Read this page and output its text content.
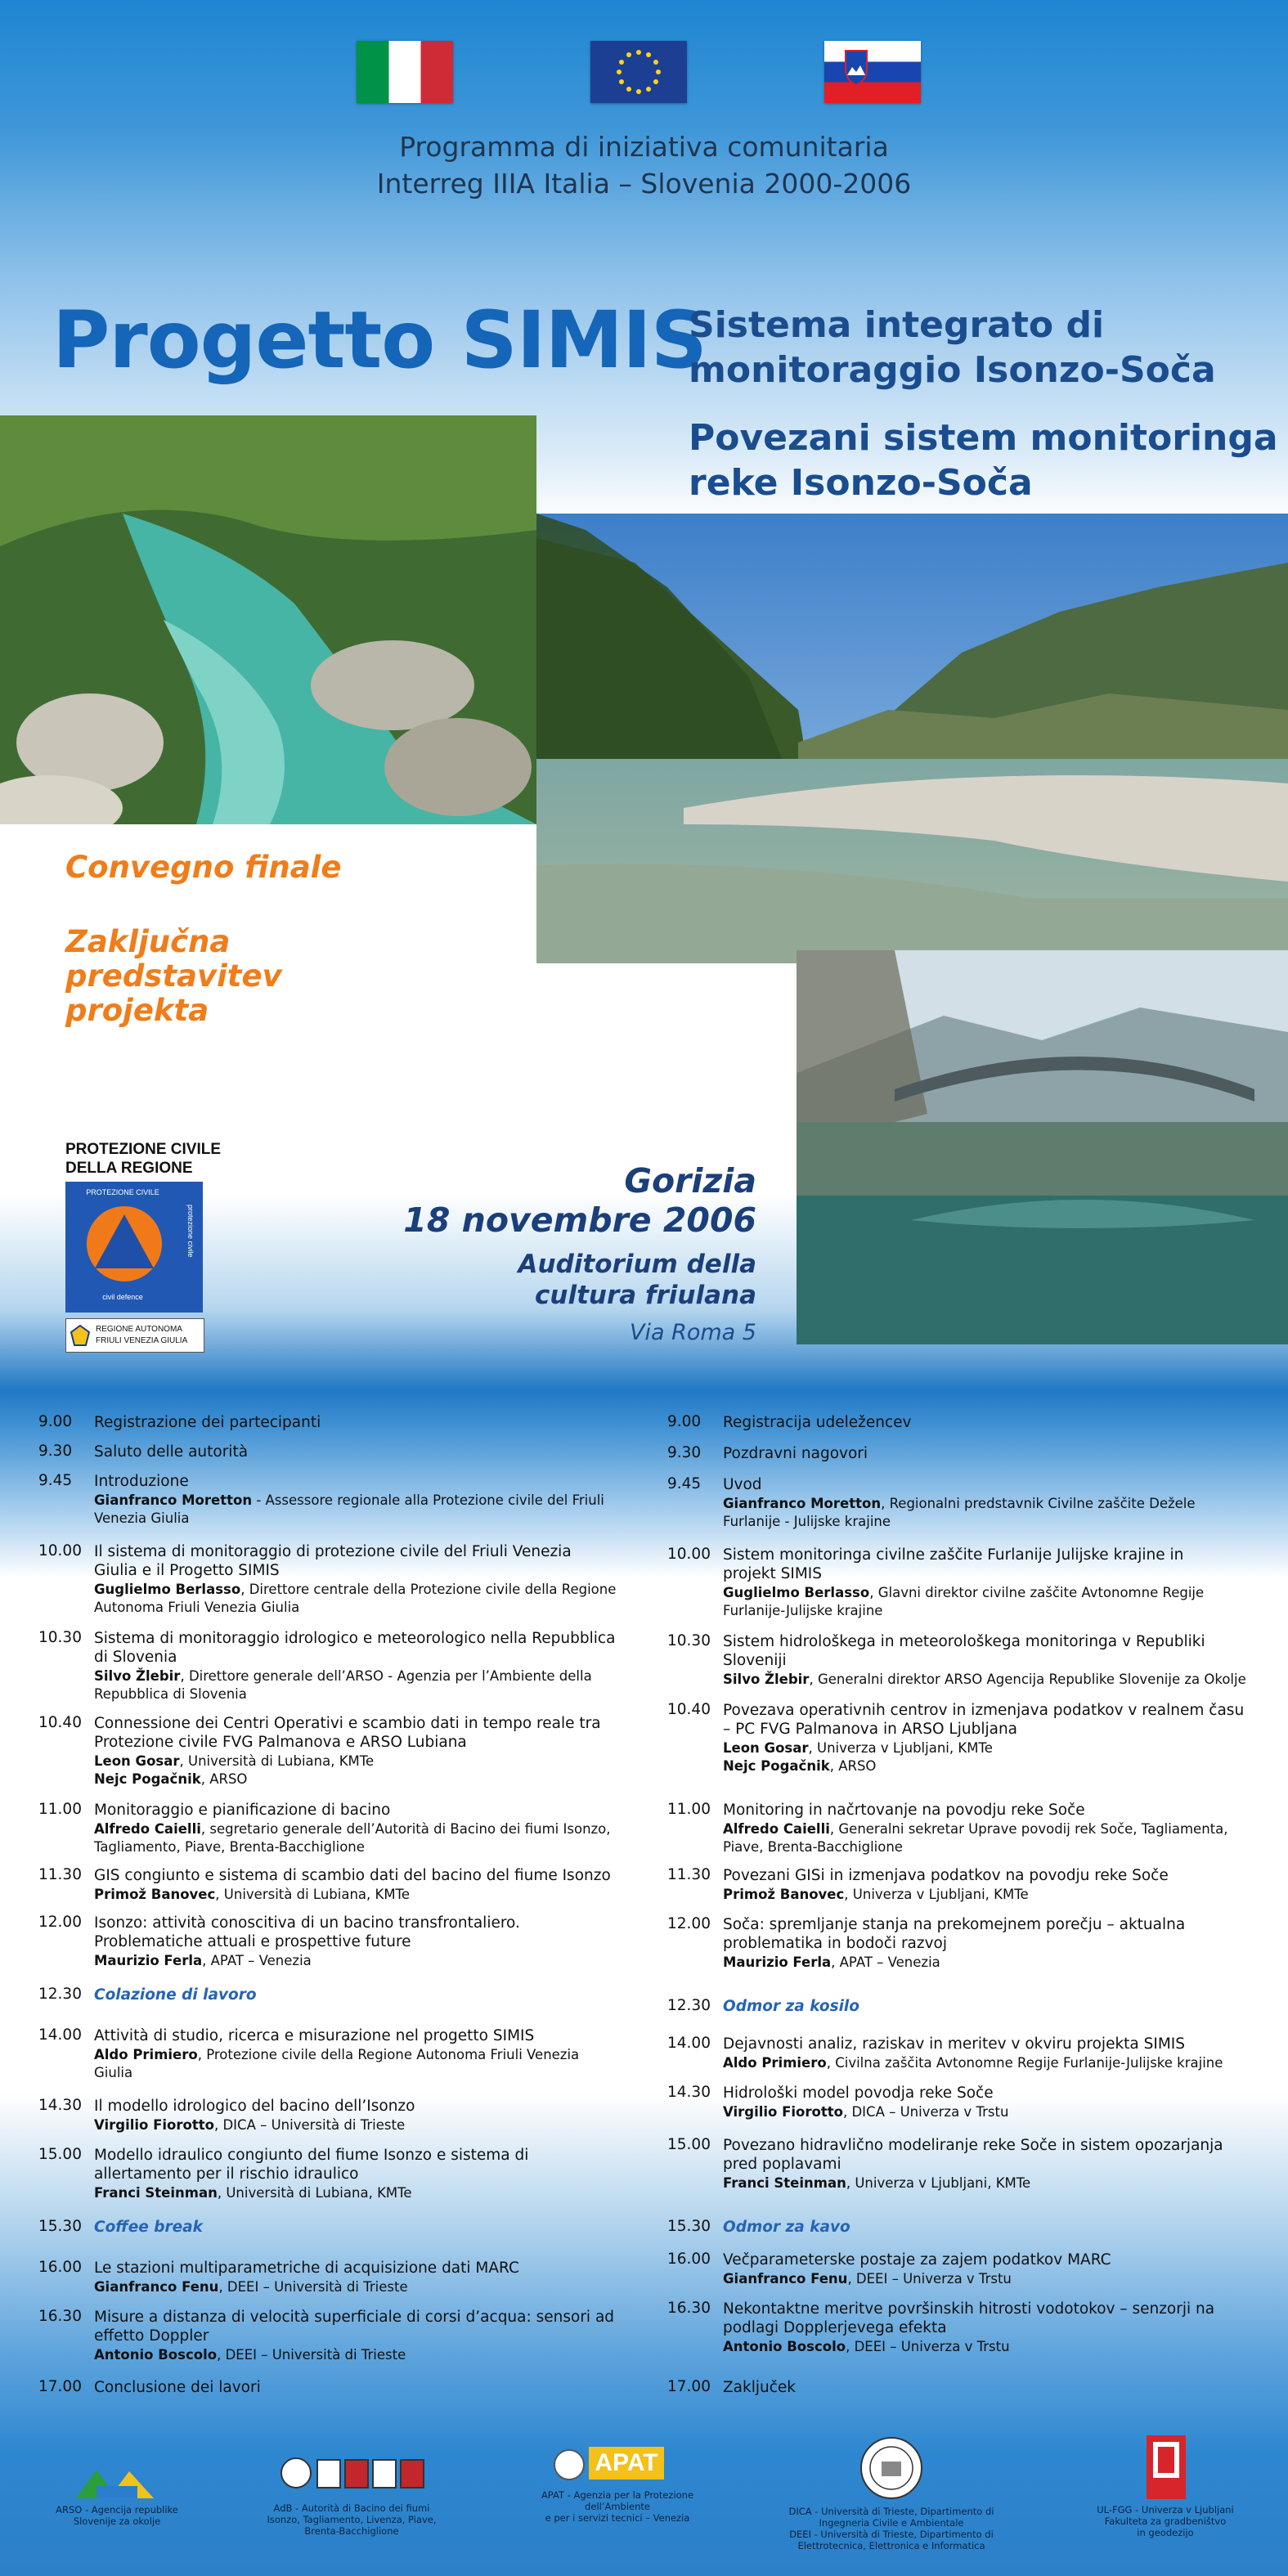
Programma di iniziativa comunitaria
Interreg IIIA Italia – Slovenia 2000-2006
Progetto SIMIS
Sistema integrato di
monitoraggio Isonzo-Soča
Povezani sistem monitoringa
reke Isonzo-Soča
Convegno finale
Zaključna
predstavitev
projekta
PROTEZIONE CIVILE
DELLA REGIONE
PROTEZIONE CIVILE
protezione civile
civil defence
REGIONE AUTONOMA
FRIULI VENEZIA GIULIA
Gorizia
18 novembre 2006
Auditorium della
cultura friulana
Via Roma 5
9.00 Registrazione dei partecipanti
9.30 Saluto delle autorità
9.45 Introduzione
Gianfranco Moretton - Assessore regionale alla Protezione civile del Friuli
Venezia Giulia
10.00 Il sistema di monitoraggio di protezione civile del Friuli Venezia
Giulia e il Progetto SIMIS
Guglielmo Berlasso, Direttore centrale della Protezione civile della Regione
Autonoma Friuli Venezia Giulia
10.30 Sistema di monitoraggio idrologico e meteorologico nella Repubblica
di Slovenia
Silvo Žlebir, Direttore generale dell’ARSO - Agenzia per l’Ambiente della
Repubblica di Slovenia
10.40 Connessione dei Centri Operativi e scambio dati in tempo reale tra
Protezione civile FVG Palmanova e ARSO Lubiana
Leon Gosar, Università di Lubiana, KMTe
Nejc Pogačnik, ARSO
11.00 Monitoraggio e pianificazione di bacino
Alfredo Caielli, segretario generale dell’Autorità di Bacino dei fiumi Isonzo,
Tagliamento, Piave, Brenta-Bacchiglione
11.30 GIS congiunto e sistema di scambio dati del bacino del fiume Isonzo
Primož Banovec, Università di Lubiana, KMTe
12.00 Isonzo: attività conoscitiva di un bacino transfrontaliero.
Problematiche attuali e prospettive future
Maurizio Ferla, APAT – Venezia
12.30 Colazione di lavoro
14.00 Attività di studio, ricerca e misurazione nel progetto SIMIS
Aldo Primiero, Protezione civile della Regione Autonoma Friuli Venezia
Giulia
14.30 Il modello idrologico del bacino dell’Isonzo
Virgilio Fiorotto, DICA – Università di Trieste
15.00 Modello idraulico congiunto del fiume Isonzo e sistema di
allertamento per il rischio idraulico
Franci Steinman, Università di Lubiana, KMTe
15.30 Coffee break
16.00 Le stazioni multiparametriche di acquisizione dati MARC
Gianfranco Fenu, DEEI – Università di Trieste
16.30 Misure a distanza di velocità superficiale di corsi d’acqua: sensori ad
effetto Doppler
Antonio Boscolo, DEEI – Università di Trieste
17.00 Conclusione dei lavori
9.00 Registracija udeležencev
9.30 Pozdravni nagovori
9.45 Uvod
Gianfranco Moretton, Regionalni predstavnik Civilne zaščite Dežele
Furlanije - Julijske krajine
10.00 Sistem monitoringa civilne zaščite Furlanije Julijske krajine in
projekt SIMIS
Guglielmo Berlasso, Glavni direktor civilne zaščite Avtonomne Regije
Furlanije-Julijske krajine
10.30 Sistem hidrološkega in meteorološkega monitoringa v Republiki
Sloveniji
Silvo Žlebir, Generalni direktor ARSO Agencija Republike Slovenije za Okolje
10.40 Povezava operativnih centrov in izmenjava podatkov v realnem času
– PC FVG Palmanova in ARSO Ljubljana
Leon Gosar, Univerza v Ljubljani, KMTe
Nejc Pogačnik, ARSO
11.00 Monitoring in načrtovanje na povodju reke Soče
Alfredo Caielli, Generalni sekretar Uprave povodij rek Soče, Tagliamenta,
Piave, Brenta-Bacchiglione
11.30 Povezani GISi in izmenjava podatkov na povodju reke Soče
Primož Banovec, Univerza v Ljubljani, KMTe
12.00 Soča: spremljanje stanja na prekomejnem porečju – aktualna
problematika in bodoči razvoj
Maurizio Ferla, APAT – Venezia
12.30 Odmor za kosilo
14.00 Dejavnosti analiz, raziskav in meritev v okviru projekta SIMIS
Aldo Primiero, Civilna zaščita Avtonomne Regije Furlanije-Julijske krajine
14.30 Hidrološki model povodja reke Soče
Virgilio Fiorotto, DICA – Univerza v Trstu
15.00 Povezano hidravlično modeliranje reke Soče in sistem opozarjanja
pred poplavami
Franci Steinman, Univerza v Ljubljani, KMTe
15.30 Odmor za kavo
16.00 Večparameterske postaje za zajem podatkov MARC
Gianfranco Fenu, DEEI – Univerza v Trstu
16.30 Nekontaktne meritve površinskih hitrosti vodotokov – senzorji na
podlagi Dopplerjevega efekta
Antonio Boscolo, DEEI – Univerza v Trstu
17.00 Zaključek
ARSO - Agencija republike
Slovenije za okolje
AdB - Autorità di Bacino dei fiumi
Isonzo, Tagliamento, Livenza, Piave,
Brenta-Bacchiglione
APAT
APAT - Agenzia per la Protezione
dell’Ambiente
e per i servizi tecnici – Venezia
DICA - Università di Trieste, Dipartimento di
Ingegneria Civile e Ambientale
DEEI - Università di Trieste, Dipartimento di
Elettrotecnica, Elettronica e Informatica
UL-FGG - Univerza v Ljubljani
Fakulteta za gradbeništvo
in geodezijo
